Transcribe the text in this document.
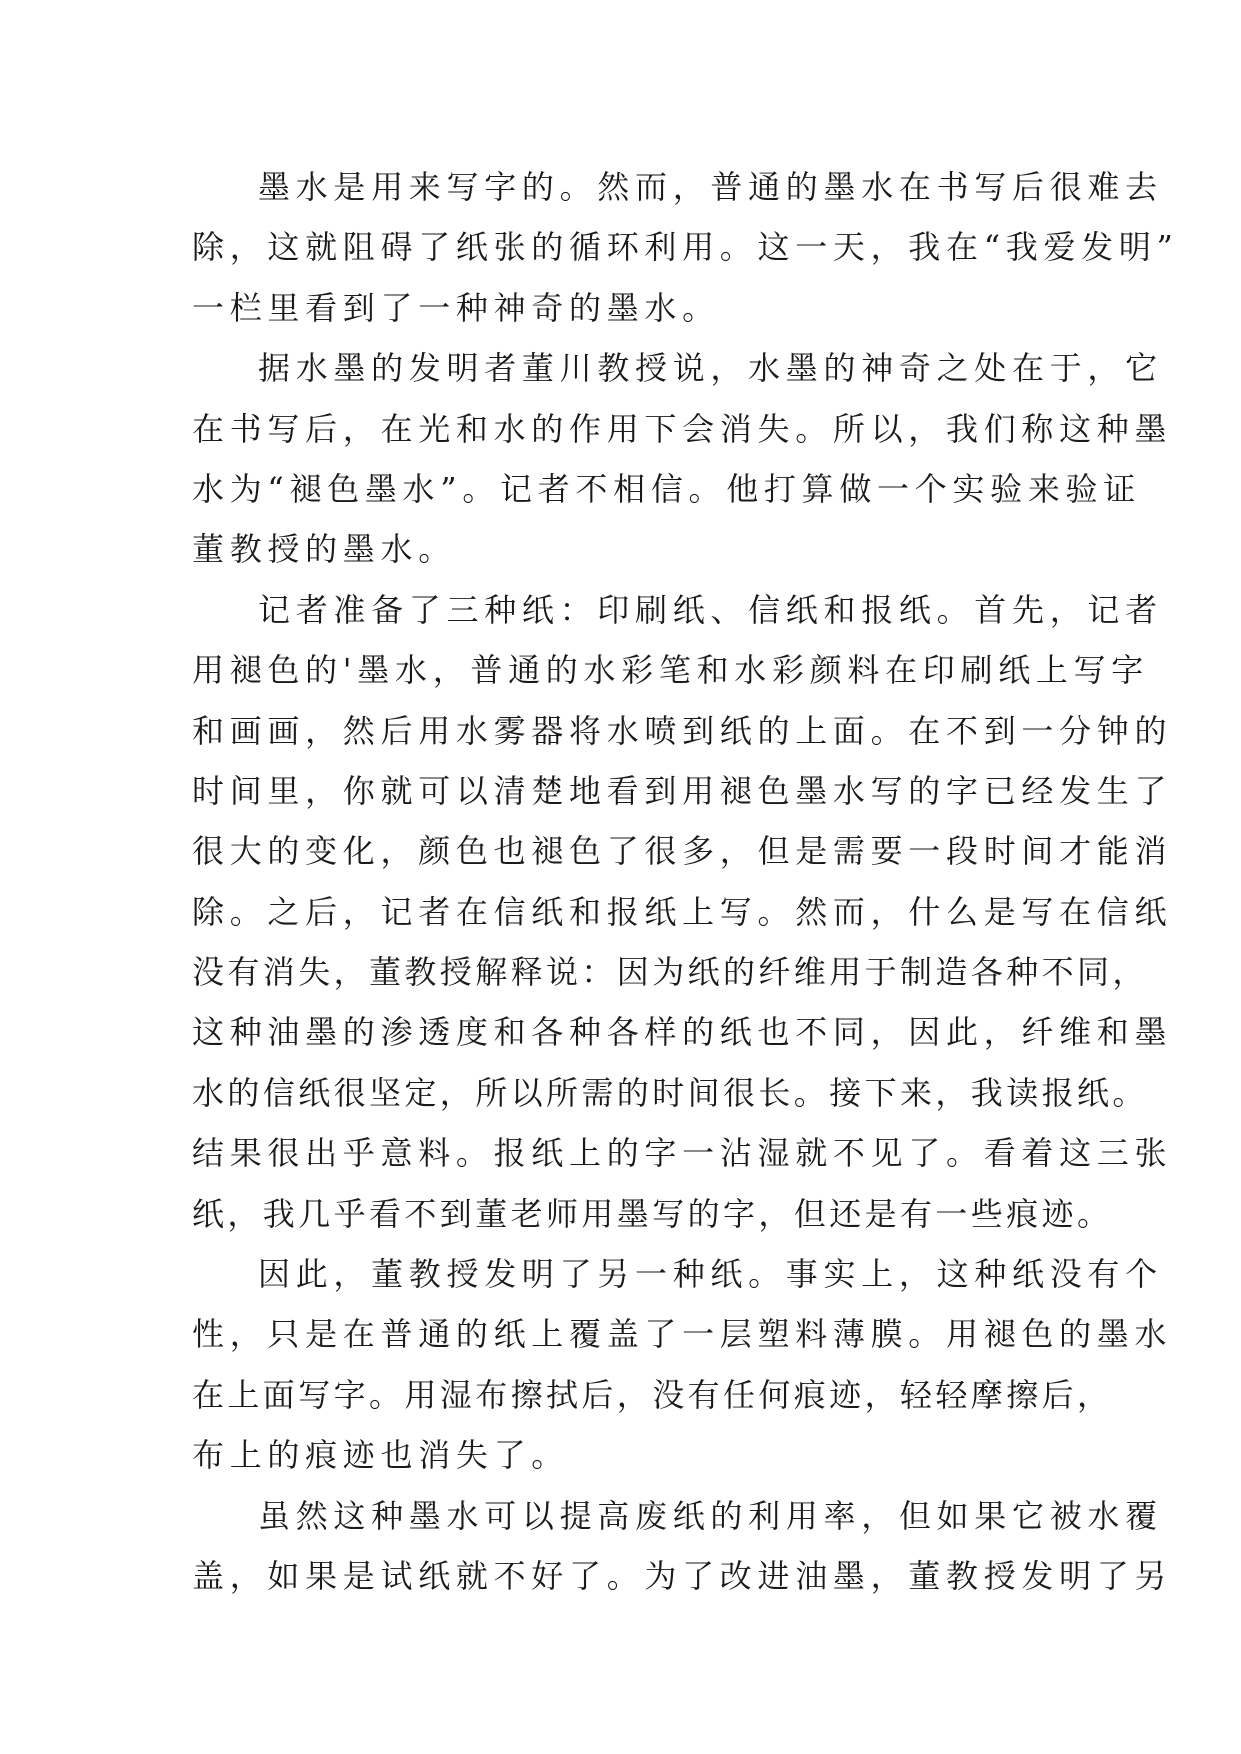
墨水是用来写字的。然而，普通的墨水在书写后很难去
除，这就阻碍了纸张的循环利用。这一天，我在“我爱发明”
一栏里看到了一种神奇的墨水。
据水墨的发明者董川教授说，水墨的神奇之处在于，它
在书写后，在光和水的作用下会消失。所以，我们称这种墨
水为“褪色墨水”。记者不相信。他打算做一个实验来验证
董教授的墨水。
记者准备了三种纸：印刷纸、信纸和报纸。首先，记者
用褪色的'墨水，普通的水彩笔和水彩颜料在印刷纸上写字
和画画，然后用水雾器将水喷到纸的上面。在不到一分钟的
时间里，你就可以清楚地看到用褪色墨水写的字已经发生了
很大的变化，颜色也褪色了很多，但是需要一段时间才能消
除。之后，记者在信纸和报纸上写。然而，什么是写在信纸
没有消失，董教授解释说：因为纸的纤维用于制造各种不同，
这种油墨的渗透度和各种各样的纸也不同，因此，纤维和墨
水的信纸很坚定，所以所需的时间很长。接下来，我读报纸。
结果很出乎意料。报纸上的字一沾湿就不见了。看着这三张
纸，我几乎看不到董老师用墨写的字，但还是有一些痕迹。
因此，董教授发明了另一种纸。事实上，这种纸没有个
性，只是在普通的纸上覆盖了一层塑料薄膜。用褪色的墨水
在上面写字。用湿布擦拭后，没有任何痕迹，轻轻摩擦后，
布上的痕迹也消失了。
虽然这种墨水可以提高废纸的利用率，但如果它被水覆
盖，如果是试纸就不好了。为了改进油墨，董教授发明了另
